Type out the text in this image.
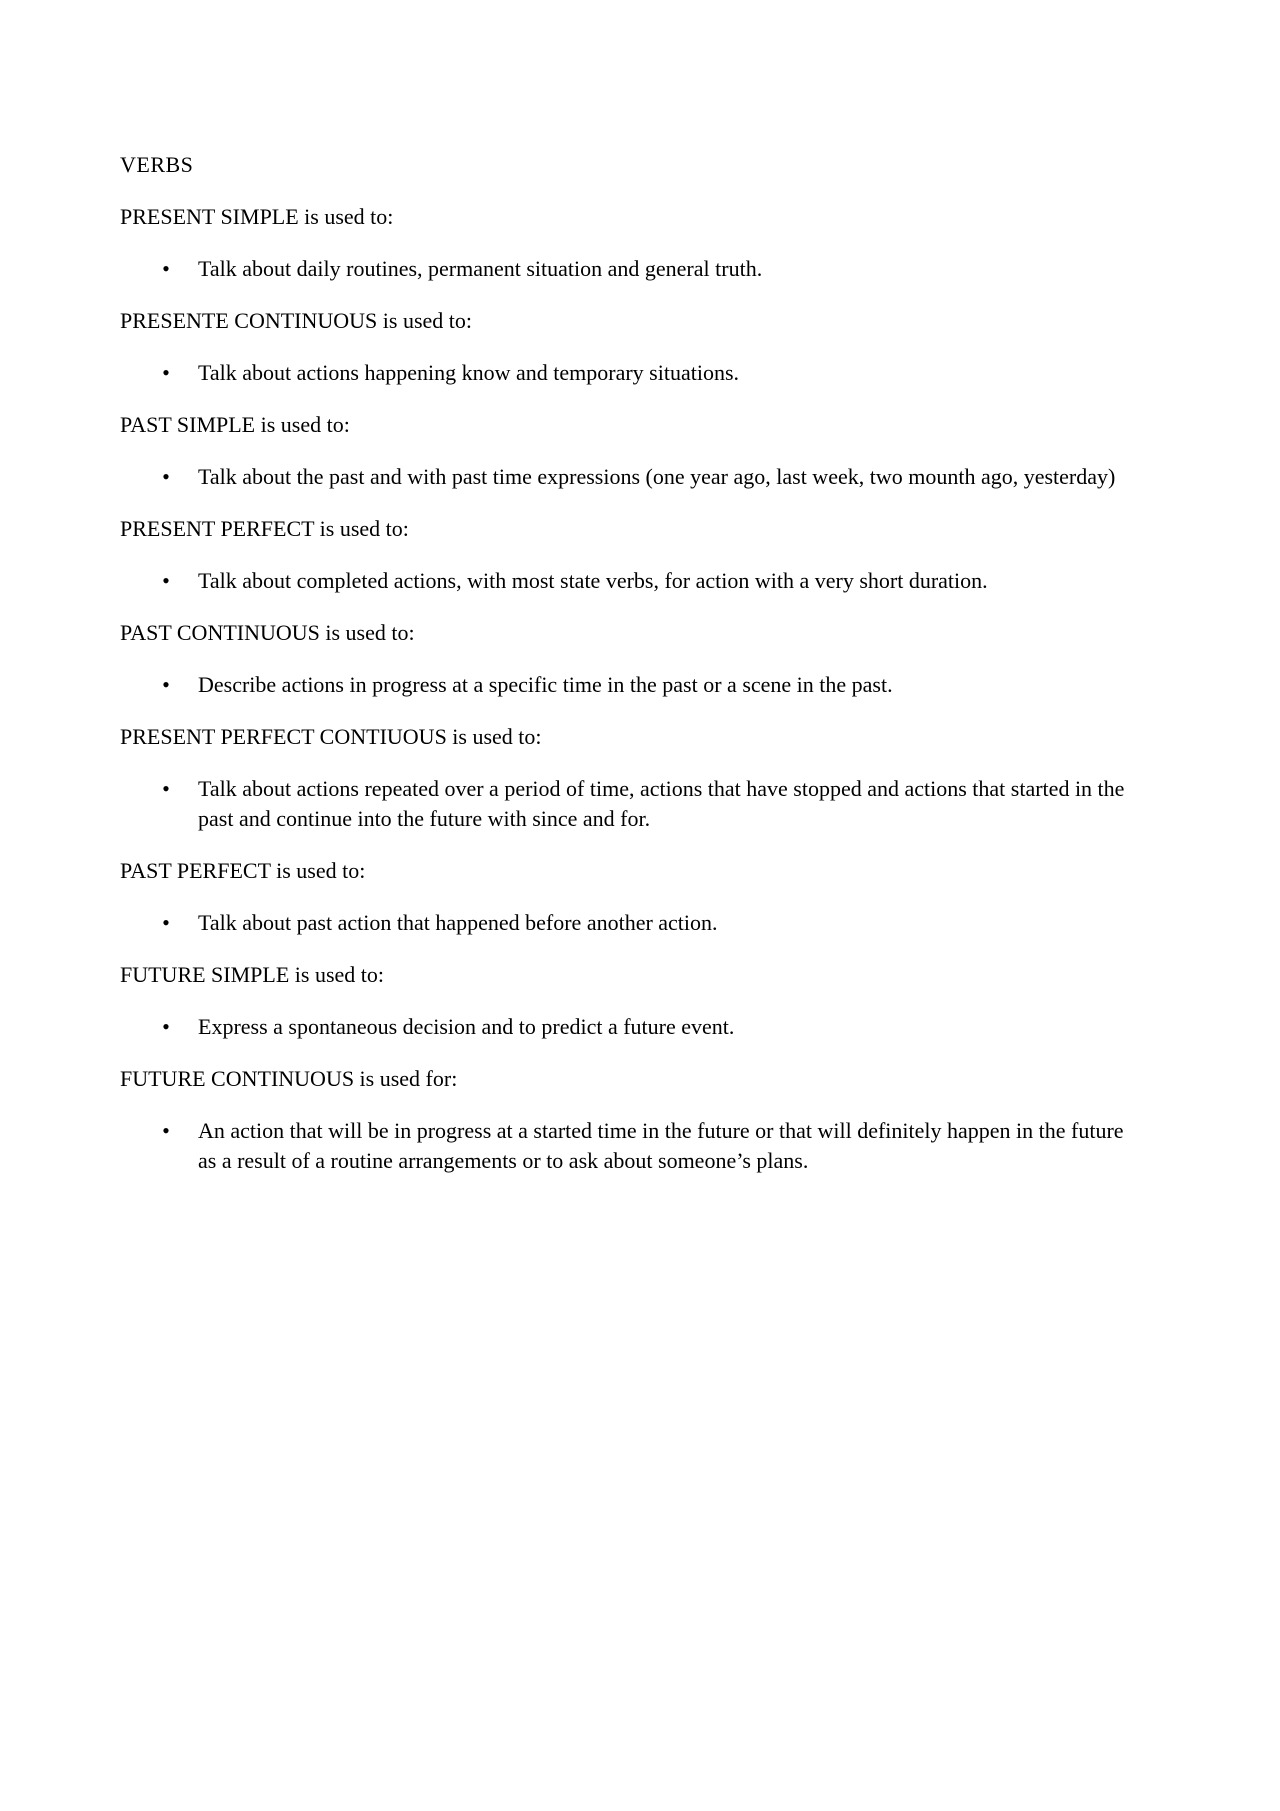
VERBS

PRESENT SIMPLE is used to:

• Talk about daily routines, permanent situation and general truth.

PRESENTE CONTINUOUS is used to:

• Talk about actions happening know and temporary situations.

PAST SIMPLE is used to:

• Talk about the past and with past time expressions (one year ago, last week, two mounth ago, yesterday)

PRESENT PERFECT is used to:

• Talk about completed actions, with most state verbs, for action with a very short duration.

PAST CONTINUOUS is used to:

• Describe actions in progress at a specific time in the past or a scene in the past.

PRESENT PERFECT CONTIUOUS is used to:

• Talk about actions repeated over a period of time, actions that have stopped and actions that started in the past and continue into the future with since and for.

PAST PERFECT is used to:

• Talk about past action that happened before another action.

FUTURE SIMPLE is used to:

• Express a spontaneous decision and to predict a future event.

FUTURE CONTINUOUS is used for:

• An action that will be in progress at a started time in the future or that will definitely happen in the future as a result of a routine arrangements or to ask about someone’s plans.
